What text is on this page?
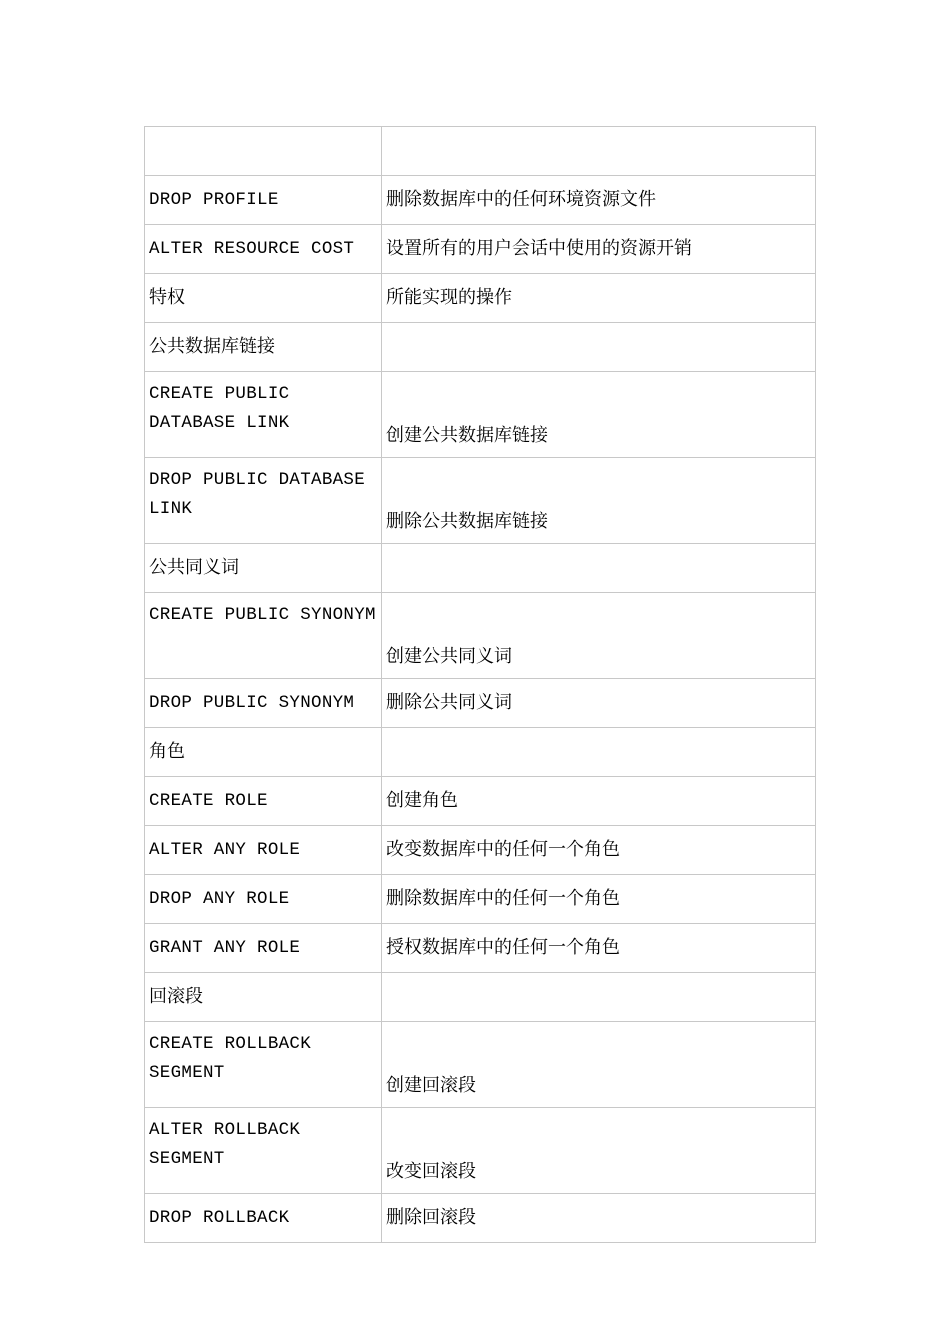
DROP PROFILE	删除数据库中的任何环境资源文件
ALTER RESOURCE COST	设置所有的用户会话中使用的资源开销
特权	所能实现的操作
公共数据库链接	
CREATE PUBLIC DATABASE LINK	创建公共数据库链接
DROP PUBLIC DATABASE LINK	删除公共数据库链接
公共同义词	
CREATE PUBLIC SYNONYM	创建公共同义词
DROP PUBLIC SYNONYM	删除公共同义词
角色	
CREATE ROLE	创建角色
ALTER ANY ROLE	改变数据库中的任何一个角色
DROP ANY ROLE	删除数据库中的任何一个角色
GRANT ANY ROLE	授权数据库中的任何一个角色
回滚段	
CREATE ROLLBACK SEGMENT	创建回滚段
ALTER ROLLBACK SEGMENT	改变回滚段
DROP ROLLBACK	删除回滚段
